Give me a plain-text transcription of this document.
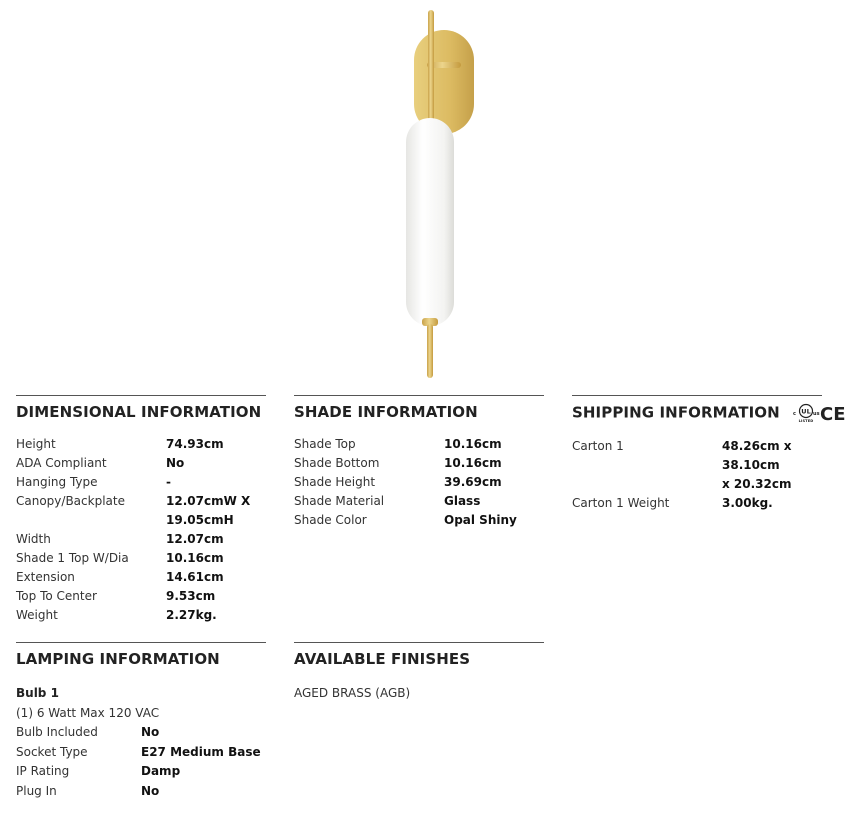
DIMENSIONAL INFORMATION
Height	74.93cm
ADA Compliant	No
Hanging Type	-
Canopy/Backplate	12.07cmW X
19.05cmH
Width	12.07cm
Shade 1 Top W/Dia	10.16cm
Extension	14.61cm
Top To Center	9.53cm
Weight	2.27kg.
SHADE INFORMATION
Shade Top	10.16cm
Shade Bottom	10.16cm
Shade Height	39.69cm
Shade Material	Glass
Shade Color	Opal Shiny
SHIPPING INFORMATION	c UL us
LISTED CE
Carton 1	48.26cm x 38.10cm
x 20.32cm
Carton 1 Weight	3.00kg.
LAMPING INFORMATION
Bulb 1
(1) 6 Watt Max 120 VAC
Bulb Included	No
Socket Type	E27 Medium Base
IP Rating	Damp
Plug In	No
AVAILABLE FINISHES
AGED BRASS (AGB)
